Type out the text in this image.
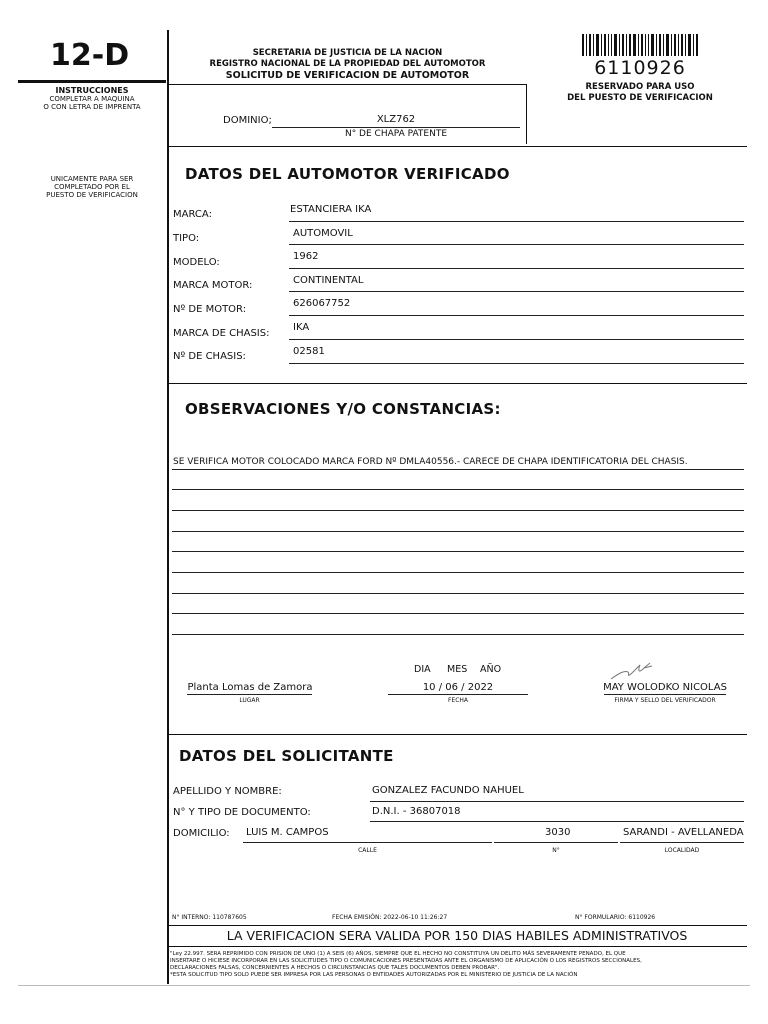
12-D
INSTRUCCIONES
COMPLETAR A MAQUINA
O CON LETRA DE IMPRENTA
UNICAMENTE PARA SER
COMPLETADO POR EL
PUESTO DE VERIFICACION
SECRETARIA DE JUSTICIA DE LA NACION
REGISTRO NACIONAL DE LA PROPIEDAD DEL AUTOMOTOR
SOLICITUD DE VERIFICACION DE AUTOMOTOR	6110926
RESERVADO PARA USO
DEL PUESTO DE VERIFICACION
DOMINIO;	XLZ762
N° DE CHAPA PATENTE
DATOS DEL AUTOMOTOR VERIFICADO
MARCA:	ESTANCIERA IKA
TIPO:	AUTOMOVIL
MODELO:
1962
MARCA MOTOR:	CONTINENTAL
Nº DE MOTOR:
626067752
MARCA DE CHASIS:
IKA
Nº DE CHASIS:	02581
OBSERVACIONES Y/O CONSTANCIAS:
SE VERIFICA MOTOR COLOCADO MARCA FORD Nº DMLA40556.- CARECE DE CHAPA IDENTIFICATORIA DEL CHASIS.
DIA MES AÑO
Planta Lomas de Zamora
LUGAR
10 / 06 / 2022
FECHA
MAY WOLODKO NICOLAS
FIRMA Y SELLO DEL VERIFICADOR
DATOS DEL SOLICITANTE
APELLIDO Y NOMBRE:	GONZALEZ FACUNDO NAHUEL
N° Y TIPO DE DOCUMENTO:	D.N.I. - 36807018
DOMICILIO: LUIS M. CAMPOS	3030	SARANDI - AVELLANEDA
CALLE	N°	LOCALIDAD
N° INTERNO: 110787605	FECHA EMISIÓN: 2022-06-10 11:26:27	N° FORMULARIO: 6110926
LA VERIFICACION SERA VALIDA POR 150 DIAS HABILES ADMINISTRATIVOS
"Ley 22.997. SERA REPRIMIDO CON PRISION DE UNO (1) A SEIS (6) AÑOS, SIEMPRE QUE EL HECHO NO CONSTITUYA UN DELITO MÁS SEVERAMENTE PENADO, EL QUE
INSERTARE O HICIESE INCORPORAR EN LAS SOLICITUDES TIPO O COMUNICACIONES PRESENTADAS ANTE EL ORGANISMO DE APLICACIÓN O LOS REGISTROS SECCIONALES,
DECLARACIONES FALSAS, CONCERNIENTES A HECHOS O CIRCUNSTANCIAS QUE TALES DOCUMENTOS DEBEN PROBAR".
*ESTA SOLICITUD TIPO SOLO PUEDE SER IMPRESA POR LAS PERSONAS O ENTIDADES AUTORIZADAS POR EL MINISTERIO DE JUSTICIA DE LA NACIÓN
